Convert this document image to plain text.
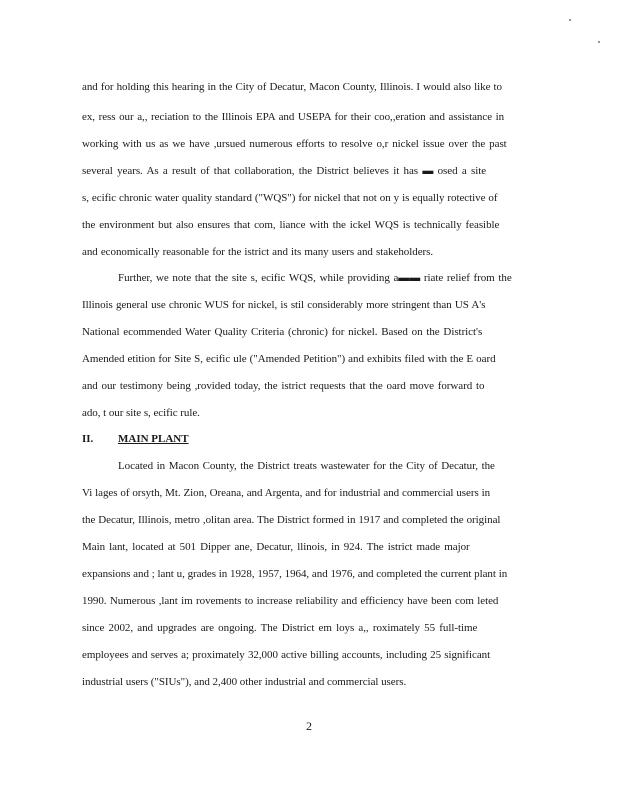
and for holding this hearing in the City of Decatur, Macon County, Illinois. I would also like to
ex, ress our a,, reciation to the Illinois EPA and USEPA for their coo,,eration and assistance in
working with us as we have ,ursued numerous efforts to resolve o,r nickel issue over the past
several years. As a result of that collaboration, the District believes it has ▬ osed a site
s, ecific chronic water quality standard ("WQS") for nickel that not on y is equally rotective of
the environment but also ensures that com, liance with the ickel WQS is technically feasible
and economically reasonable for the istrict and its many users and stakeholders.
Further, we note that the site s, ecific WQS, while providing a▬▬ riate relief from the
Illinois general use chronic WUS for nickel, is stil considerably more stringent than US A's
National ecommended Water Quality Criteria (chronic) for nickel. Based on the District's
Amended etition for Site S, ecific ule ("Amended Petition") and exhibits filed with the E oard
and our testimony being ,rovided today, the istrict requests that the oard move forward to
ado, t our site s, ecific rule.
II. MAIN PLANT
Located in Macon County, the District treats wastewater for the City of Decatur, the
Vi lages of orsyth, Mt. Zion, Oreana, and Argenta, and for industrial and commercial users in
the Decatur, Illinois, metro ,olitan area. The District formed in 1917 and completed the original
Main lant, located at 501 Dipper ane, Decatur, llinois, in 924. The istrict made major
expansions and ; lant u, grades in 1928, 1957, 1964, and 1976, and completed the current plant in
1990. Numerous ,lant im rovements to increase reliability and efficiency have been com leted
since 2002, and upgrades are ongoing. The District em loys a,, roximately 55 full-time
employees and serves a; proximately 32,000 active billing accounts, including 25 significant
industrial users ("SIUs"), and 2,400 other industrial and commercial users.
2
